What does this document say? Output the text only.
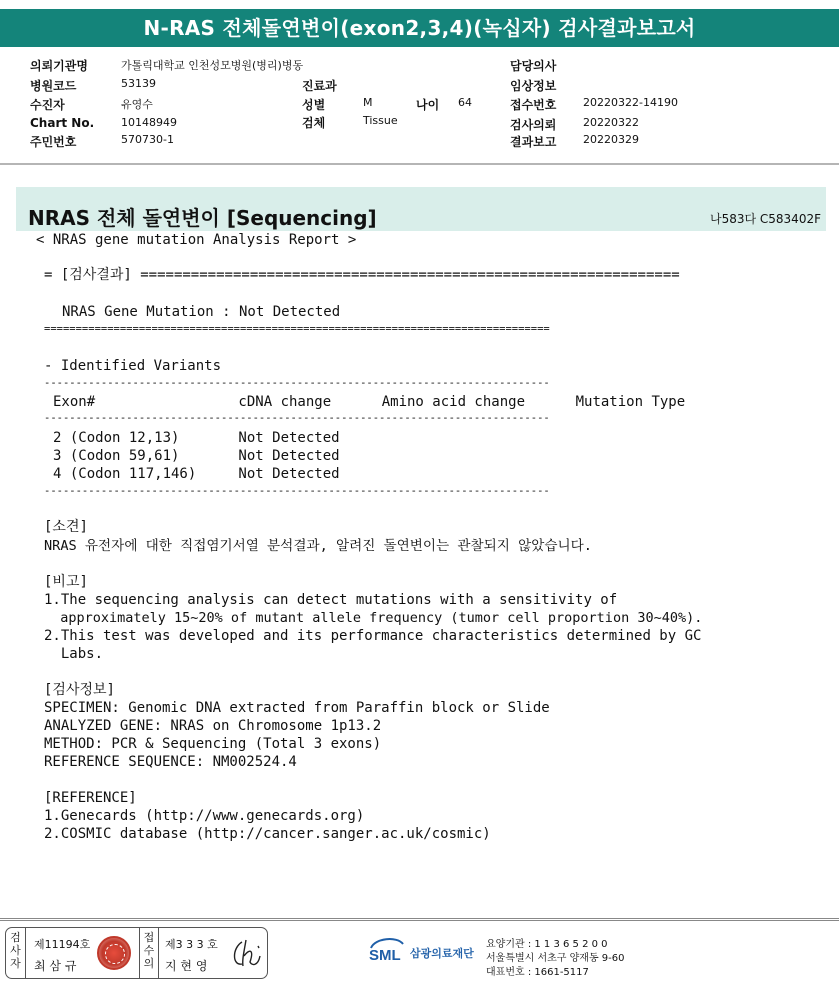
N-RAS 전체돌연변이(exon2,3,4)(녹십자) 검사결과보고서
의뢰기관명	가톨릭대학교 인천성모병원(병리)병동
병원코드	53139	진료과
수진자	유영수	성별	M	나이 64
Chart No. 10148949	검체	Tissue
주민번호	570730-1
담당의사
임상정보
접수번호 20220322-14190
검사의뢰 20220322
결과보고 20220329
NRAS 전체 돌연변이 [Sequencing]	나583다 C583402F
< NRAS gene mutation Analysis Report >
= [검사결과] ================================================================
NRAS Gene Mutation : Not Detected
================================================================================
- Identified Variants
--------------------------------------------------------------------------------
Exon#                 cDNA change      Amino acid change      Mutation Type
--------------------------------------------------------------------------------
2 (Codon 12,13)       Not Detected
3 (Codon 59,61)       Not Detected
4 (Codon 117,146)     Not Detected
--------------------------------------------------------------------------------
[소견]
NRAS 유전자에 대한 직접염기서열 분석결과, 알려진 돌연변이는 관찰되지 않았습니다.
[비고]
1.The sequencing analysis can detect mutations with a sensitivity of
approximately 15~20% of mutant allele frequency (tumor cell proportion 30~40%).
2.This test was developed and its performance characteristics determined by GC
Labs.
[검사정보]
SPECIMEN: Genomic DNA extracted from Paraffin block or Slide
ANALYZED GENE: NRAS on Chromosome 1p13.2
METHOD: PCR & Sequencing (Total 3 exons)
REFERENCE SEQUENCE: NM002524.4
[REFERENCE]
1.Genecards (http://www.genecards.org)
2.COSMIC database (http://cancer.sanger.ac.uk/cosmic)
검사자
제11194호
최 삼 규
접수의
제3 3 3 호
지 현 영
SML 삼광의료재단
요양기관 : 1 1 3 6 5 2 0 0
서울특별시 서초구 양재동 9-60
대표번호 : 1661-5117
